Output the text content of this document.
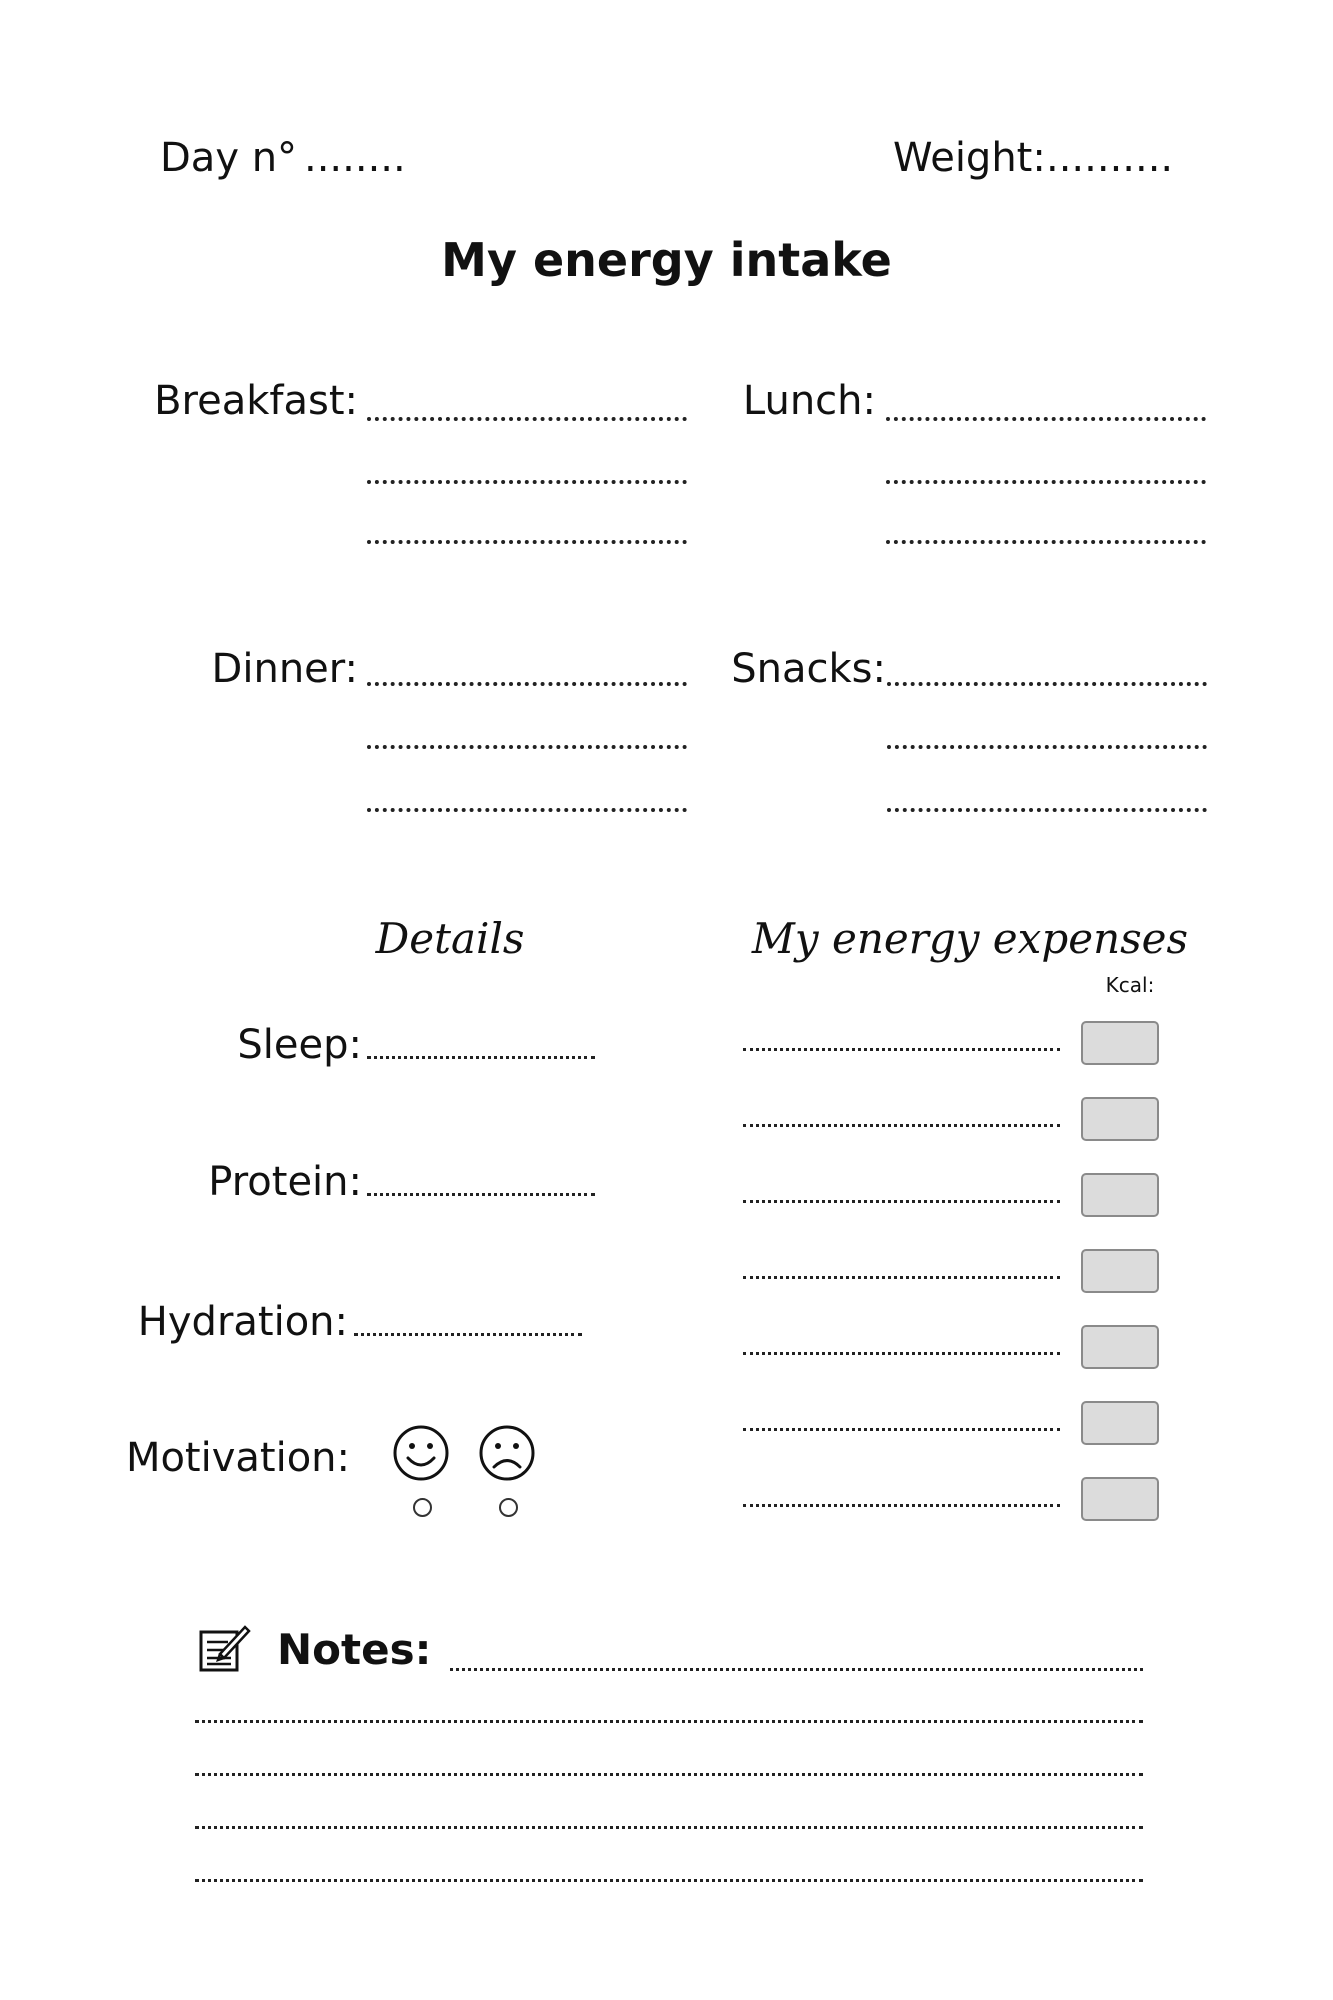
Day n° ........	Weight: ..........
My energy intake
Breakfast:	Lunch:
Dinner:	Snacks:
Details
Sleep:
Protein:
Hydration:
Motivation:
My energy expenses
Kcal:
Notes:
